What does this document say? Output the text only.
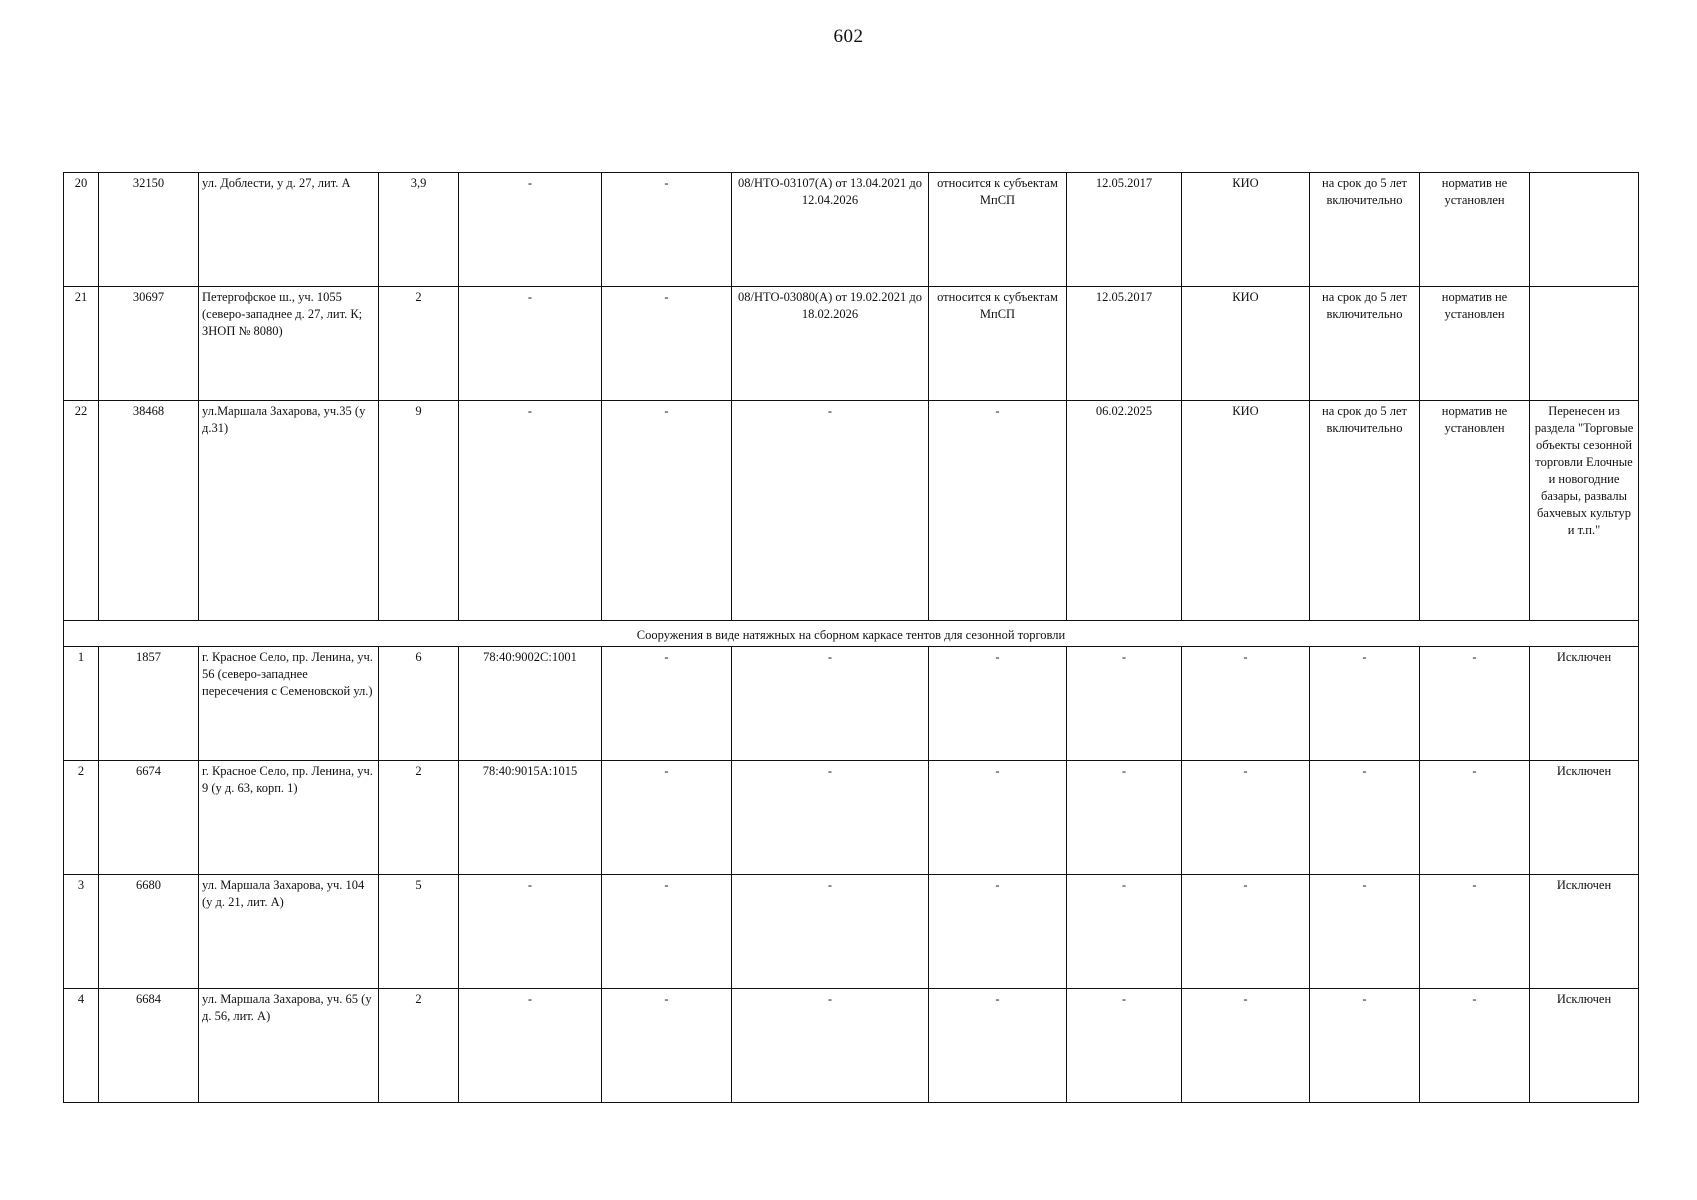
602
20	32150	ул. Доблести, у д. 27, лит. А	3,9	-	-	08/НТО-03107(А) от 13.04.2021 до 12.04.2026	относится к субъектам МпСП	12.05.2017	КИО	на срок до 5 лет включительно	норматив не установлен	
21	30697	Петергофское ш., уч. 1055 (северо-западнее д. 27, лит. К; ЗНОП № 8080)	2	-	-	08/НТО-03080(А) от 19.02.2021 до 18.02.2026	относится к субъектам МпСП	12.05.2017	КИО	на срок до 5 лет включительно	норматив не установлен	
22	38468	ул.Маршала Захарова, уч.35 (у д.31)	9	-	-	-	-	06.02.2025	КИО	на срок до 5 лет включительно	норматив не установлен	Перенесен из раздела "Торговые объекты сезонной торговли Елочные и новогодние базары, развалы бахчевых культур и т.п."
Сооружения в виде натяжных на сборном каркасе тентов для сезонной торговли												
1	1857	г. Красное Село, пр. Ленина, уч. 56 (северо-западнее пересечения с Семеновской ул.)	6	78:40:9002С:1001	-	-	-	-	-	-	-	Исключен
2	6674	г. Красное Село, пр. Ленина, уч. 9 (у д. 63, корп. 1)	2	78:40:9015А:1015	-	-	-	-	-	-	-	Исключен
3	6680	ул. Маршала Захарова, уч. 104 (у д. 21, лит. А)	5	-	-	-	-	-	-	-	-	Исключен
4	6684	ул. Маршала Захарова, уч. 65 (у д. 56, лит. А)	2	-	-	-	-	-	-	-	-	Исключен
